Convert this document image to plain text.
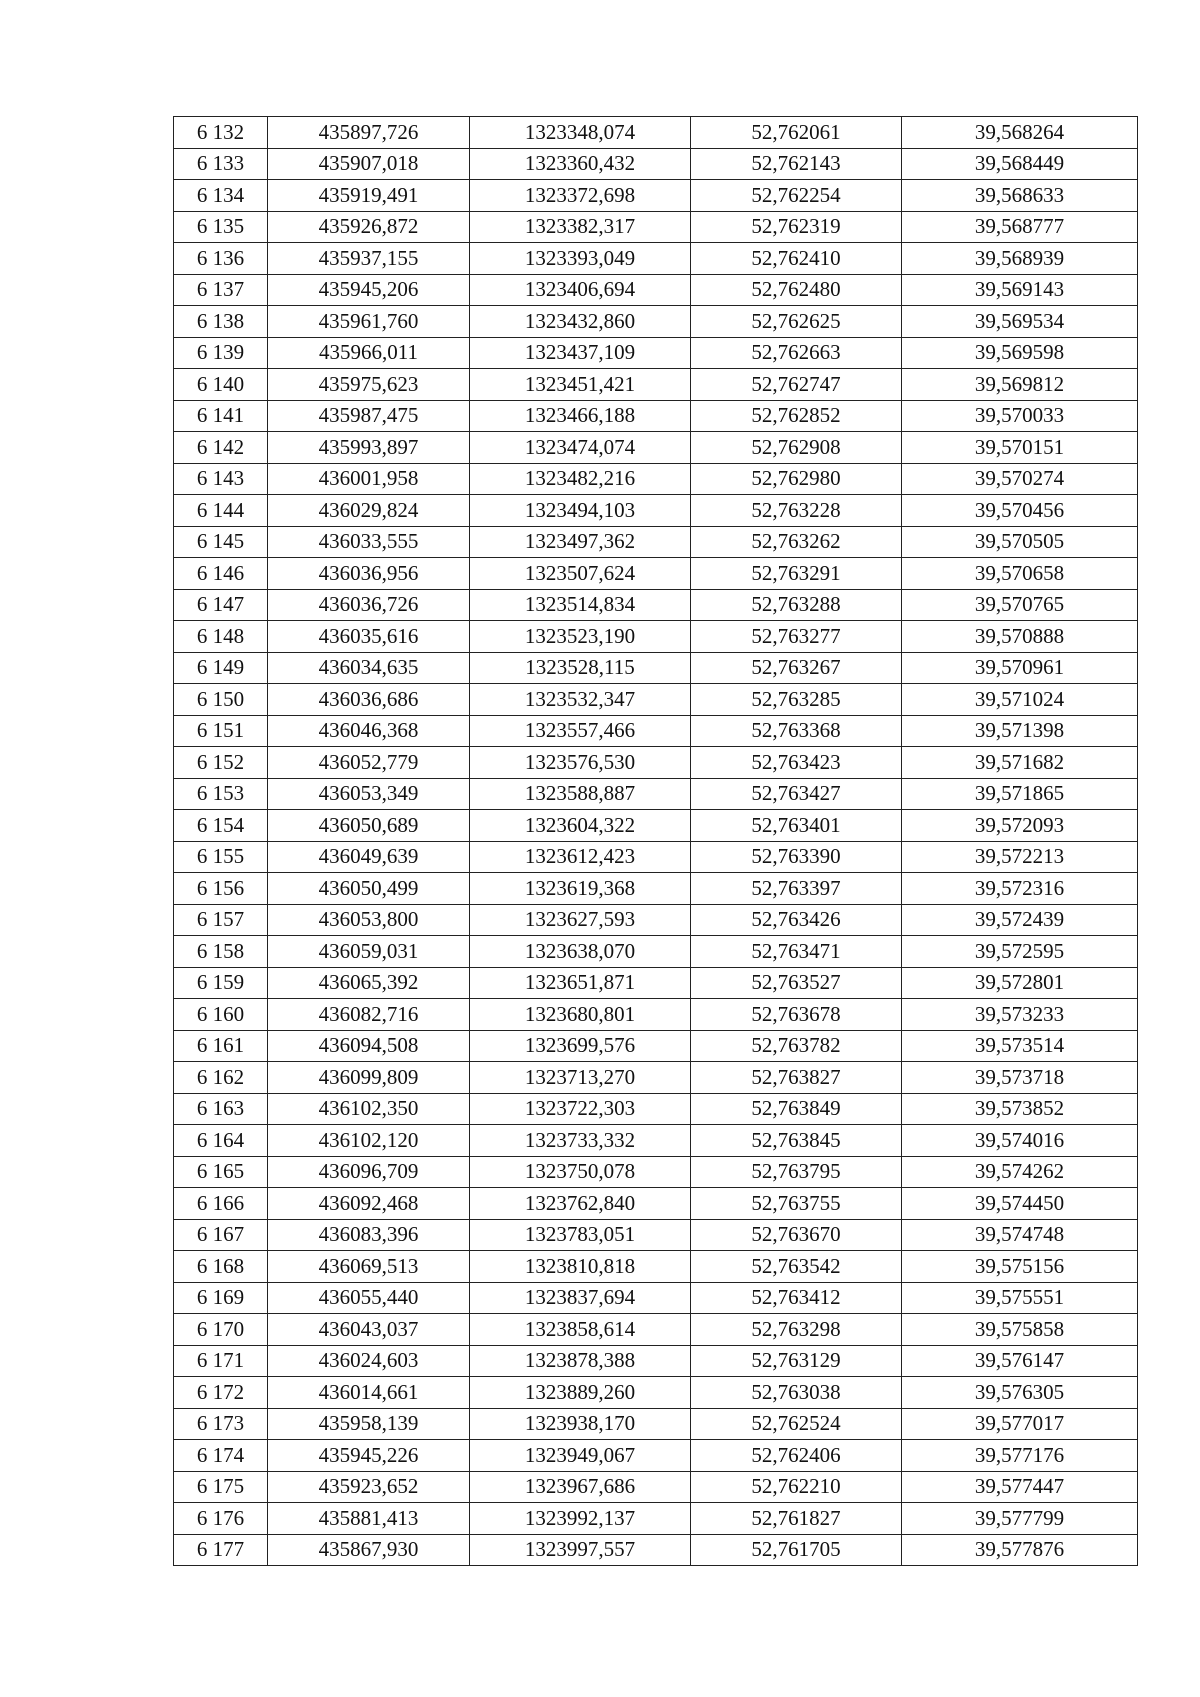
6 132	435897,726	1323348,074	52,762061	39,568264
6 133	435907,018	1323360,432	52,762143	39,568449
6 134	435919,491	1323372,698	52,762254	39,568633
6 135	435926,872	1323382,317	52,762319	39,568777
6 136	435937,155	1323393,049	52,762410	39,568939
6 137	435945,206	1323406,694	52,762480	39,569143
6 138	435961,760	1323432,860	52,762625	39,569534
6 139	435966,011	1323437,109	52,762663	39,569598
6 140	435975,623	1323451,421	52,762747	39,569812
6 141	435987,475	1323466,188	52,762852	39,570033
6 142	435993,897	1323474,074	52,762908	39,570151
6 143	436001,958	1323482,216	52,762980	39,570274
6 144	436029,824	1323494,103	52,763228	39,570456
6 145	436033,555	1323497,362	52,763262	39,570505
6 146	436036,956	1323507,624	52,763291	39,570658
6 147	436036,726	1323514,834	52,763288	39,570765
6 148	436035,616	1323523,190	52,763277	39,570888
6 149	436034,635	1323528,115	52,763267	39,570961
6 150	436036,686	1323532,347	52,763285	39,571024
6 151	436046,368	1323557,466	52,763368	39,571398
6 152	436052,779	1323576,530	52,763423	39,571682
6 153	436053,349	1323588,887	52,763427	39,571865
6 154	436050,689	1323604,322	52,763401	39,572093
6 155	436049,639	1323612,423	52,763390	39,572213
6 156	436050,499	1323619,368	52,763397	39,572316
6 157	436053,800	1323627,593	52,763426	39,572439
6 158	436059,031	1323638,070	52,763471	39,572595
6 159	436065,392	1323651,871	52,763527	39,572801
6 160	436082,716	1323680,801	52,763678	39,573233
6 161	436094,508	1323699,576	52,763782	39,573514
6 162	436099,809	1323713,270	52,763827	39,573718
6 163	436102,350	1323722,303	52,763849	39,573852
6 164	436102,120	1323733,332	52,763845	39,574016
6 165	436096,709	1323750,078	52,763795	39,574262
6 166	436092,468	1323762,840	52,763755	39,574450
6 167	436083,396	1323783,051	52,763670	39,574748
6 168	436069,513	1323810,818	52,763542	39,575156
6 169	436055,440	1323837,694	52,763412	39,575551
6 170	436043,037	1323858,614	52,763298	39,575858
6 171	436024,603	1323878,388	52,763129	39,576147
6 172	436014,661	1323889,260	52,763038	39,576305
6 173	435958,139	1323938,170	52,762524	39,577017
6 174	435945,226	1323949,067	52,762406	39,577176
6 175	435923,652	1323967,686	52,762210	39,577447
6 176	435881,413	1323992,137	52,761827	39,577799
6 177	435867,930	1323997,557	52,761705	39,577876
